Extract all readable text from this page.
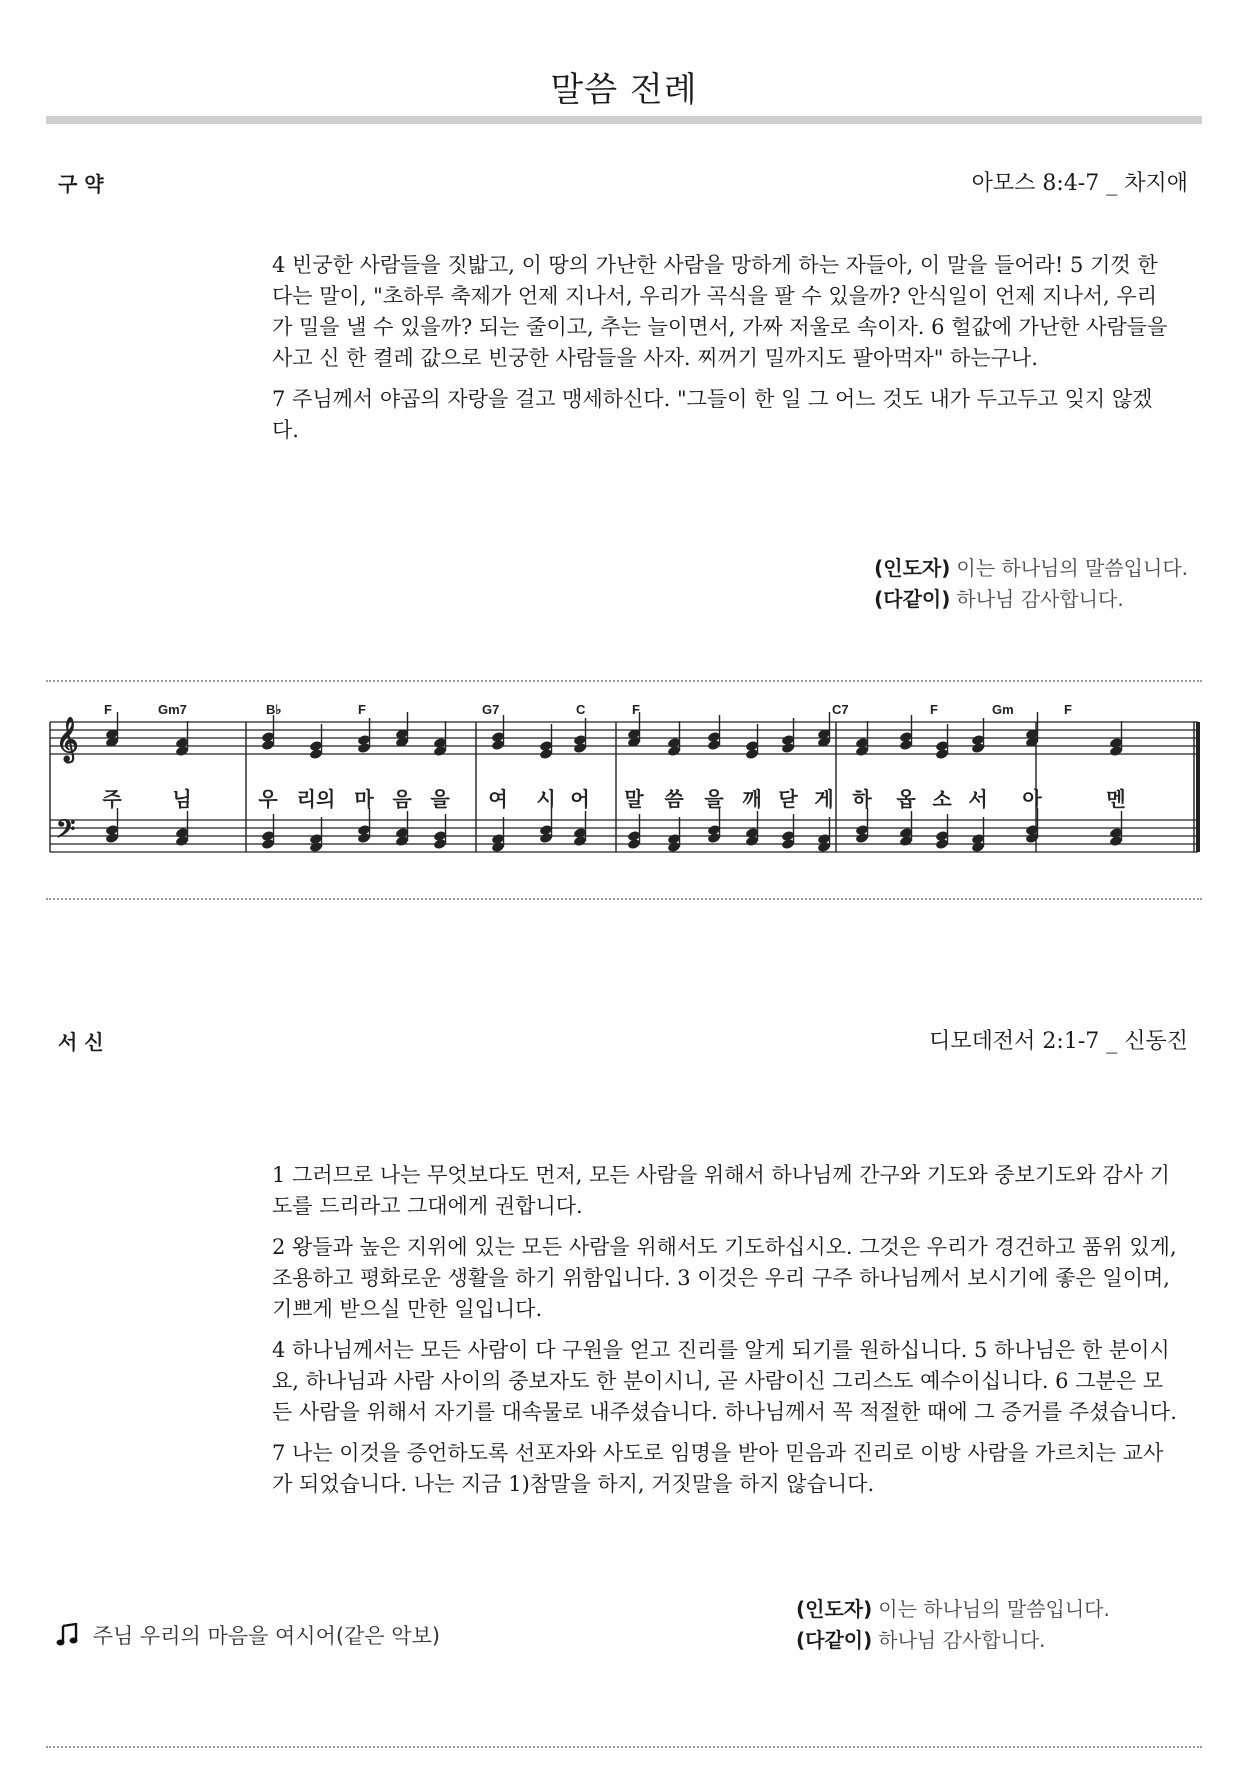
말씀 전례
구 약	아모스 8:4-7 _ 차지애

4 빈궁한 사람들을 짓밟고, 이 땅의 가난한 사람을 망하게 하는 자들아, 이 말을 들어라! 5 기껏 한다는 말이, "초하루 축제가 언제 지나서, 우리가 곡식을 팔 수 있을까? 안식일이 언제 지나서, 우리가 밀을 낼 수 있을까? 되는 줄이고, 추는 늘이면서, 가짜 저울로 속이자. 6 헐값에 가난한 사람들을 사고 신 한 켤레 값으로 빈궁한 사람들을 사자. 찌꺼기 밀까지도 팔아먹자" 하는구나.

7 주님께서 야곱의 자랑을 걸고 맹세하신다. "그들이 한 일 그 어느 것도 내가 두고두고 잊지 않겠다.

(인도자) 이는 하나님의 말씀입니다.
(다같이) 하나님 감사합니다.
𝄞
𝄢
F	Gm7	B♭	F	G7	C	F	C7	F	Gm	F
주	님	우 리의 마 음 을 여 시 어 말 씀 을 깨 닫 게 하 옵 소 서 아	멘
서 신	디모데전서 2:1-7 _ 신동진

1 그러므로 나는 무엇보다도 먼저, 모든 사람을 위해서 하나님께 간구와 기도와 중보기도와 감사 기도를 드리라고 그대에게 권합니다.

2 왕들과 높은 지위에 있는 모든 사람을 위해서도 기도하십시오. 그것은 우리가 경건하고 품위 있게, 조용하고 평화로운 생활을 하기 위함입니다. 3 이것은 우리 구주 하나님께서 보시기에 좋은 일이며, 기쁘게 받으실 만한 일입니다.

4 하나님께서는 모든 사람이 다 구원을 얻고 진리를 알게 되기를 원하십니다. 5 하나님은 한 분이시요, 하나님과 사람 사이의 중보자도 한 분이시니, 곧 사람이신 그리스도 예수이십니다. 6 그분은 모든 사람을 위해서 자기를 대속물로 내주셨습니다. 하나님께서 꼭 적절한 때에 그 증거를 주셨습니다.

7 나는 이것을 증언하도록 선포자와 사도로 임명을 받아 믿음과 진리로 이방 사람을 가르치는 교사가 되었습니다. 나는 지금 1)참말을 하지, 거짓말을 하지 않습니다.

(인도자) 이는 하나님의 말씀입니다.
(다같이) 하나님 감사합니다.
주님 우리의 마음을 여시어(같은 악보)
